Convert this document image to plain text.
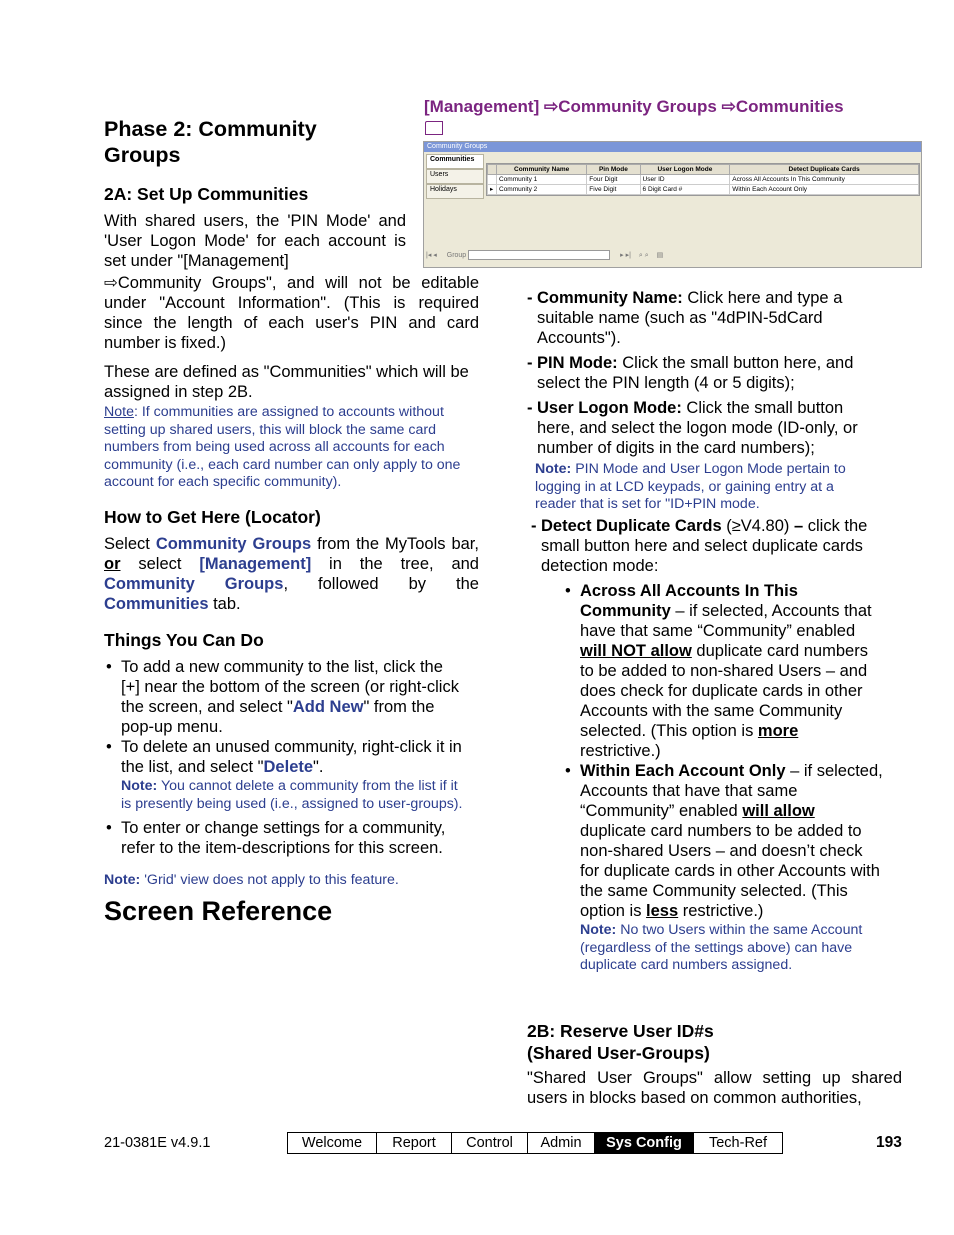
Phase 2: Community Groups
2A: Set Up Communities
With shared users, the 'PIN Mode' and 'User Logon Mode' for each account is set under "[Management]

⇨Community Groups", and will not be editable under "Account Information". (This is required since the length of each user's PIN and card number is fixed.)

These are defined as "Communities" which will be assigned in step 2B.
Note: If communities are assigned to accounts without setting up shared users, this will block the same card numbers from being used across all accounts for each community (i.e., each card number can only apply to one account for each specific community).
How to Get Here (Locator)
Select Community Groups from the MyTools bar, or select [Management] in the tree, and Community Groups, followed by the Communities tab.
Things You Can Do
• To add a new community to the list, click the [+] near the bottom of the screen (or right-click the screen, and select "Add New" from the pop-up menu.
• To delete an unused community, right-click it in the list, and select "Delete".
Note: You cannot delete a community from the list if it is presently being used (i.e., assigned to user-groups).
• To enter or change settings for a community, refer to the item-descriptions for this screen.
Note: 'Grid' view does not apply to this feature.
Screen Reference
[Management] ⇨Community Groups ⇨Communities
Community Groups
Communities
Users
Holidays
	Community Name	Pin Mode	User Logon Mode	Detect Duplicate Cards
	Community 1	Four Digit	User ID	Across All Accounts In This Community
▸	Community 2	Five Digit	6 Digit Card #	Within Each Account Only
|◂ ◂ Group	▸ ▸| ⌕ ⌕ ▤
- Community Name: Click here and type a suitable name (such as "4dPIN-5dCard Accounts").
- PIN Mode: Click the small button here, and select the PIN length (4 or 5 digits);
- User Logon Mode: Click the small button here, and select the logon mode (ID-only, or number of digits in the card numbers);
Note: PIN Mode and User Logon Mode pertain to logging in at LCD keypads, or gaining entry at a reader that is set for "ID+PIN mode.
- Detect Duplicate Cards (≥V4.80) – click the small button here and select duplicate cards detection mode:
• Across All Accounts In This Community – if selected, Accounts that have that same “Community” enabled will NOT allow duplicate card numbers to be added to non-shared Users – and does check for duplicate cards in other Accounts with the same Community selected. (This option is more restrictive.)
• Within Each Account Only – if selected, Accounts that have that same “Community” enabled will allow duplicate card numbers to be added to non-shared Users – and doesn’t check for duplicate cards in other Accounts with the same Community selected. (This option is less restrictive.)
Note: No two Users within the same Account (regardless of the settings above) can have duplicate card numbers assigned.
2B: Reserve User ID#s
(Shared User-Groups)
"Shared User Groups" allow setting up shared users in blocks based on common authorities,
21-0381E v4.9.1	Welcome	Report	Control	Admin	Sys Config	Tech-Ref	193
